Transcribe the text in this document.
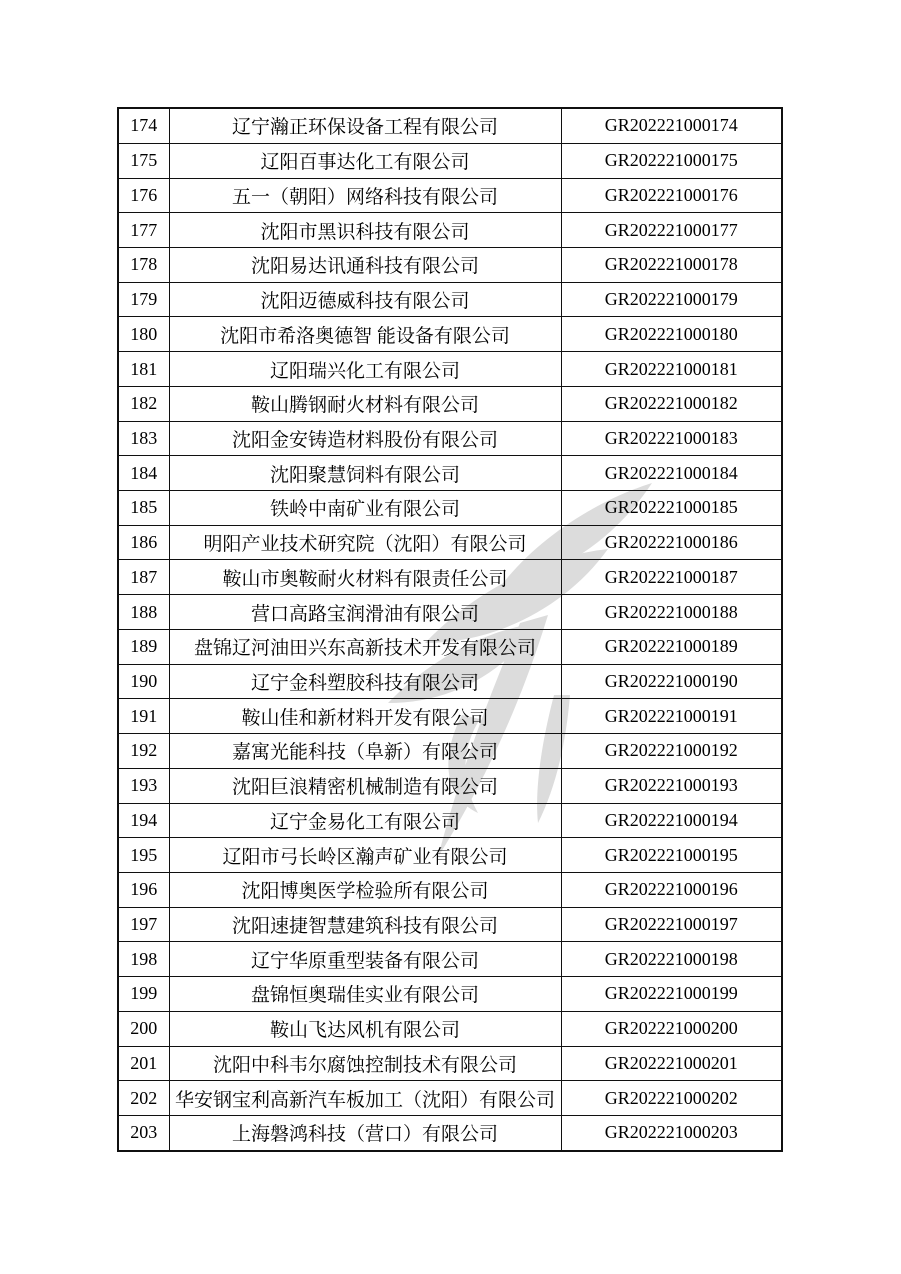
174	辽宁瀚正环保设备工程有限公司	GR202221000174
175	辽阳百事达化工有限公司	GR202221000175
176	五一（朝阳）网络科技有限公司	GR202221000176
177	沈阳市黑识科技有限公司	GR202221000177
178	沈阳易达讯通科技有限公司	GR202221000178
179	沈阳迈德威科技有限公司	GR202221000179
180	沈阳市希洛奥德智 能设备有限公司	GR202221000180
181	辽阳瑞兴化工有限公司	GR202221000181
182	鞍山腾钢耐火材料有限公司	GR202221000182
183	沈阳金安铸造材料股份有限公司	GR202221000183
184	沈阳聚慧饲料有限公司	GR202221000184
185	铁岭中南矿业有限公司	GR202221000185
186	明阳产业技术研究院（沈阳）有限公司	GR202221000186
187	鞍山市奥鞍耐火材料有限责任公司	GR202221000187
188	营口高路宝润滑油有限公司	GR202221000188
189	盘锦辽河油田兴东高新技术开发有限公司	GR202221000189
190	辽宁金科塑胶科技有限公司	GR202221000190
191	鞍山佳和新材料开发有限公司	GR202221000191
192	嘉寓光能科技（阜新）有限公司	GR202221000192
193	沈阳巨浪精密机械制造有限公司	GR202221000193
194	辽宁金易化工有限公司	GR202221000194
195	辽阳市弓长岭区瀚声矿业有限公司	GR202221000195
196	沈阳博奥医学检验所有限公司	GR202221000196
197	沈阳速捷智慧建筑科技有限公司	GR202221000197
198	辽宁华原重型装备有限公司	GR202221000198
199	盘锦恒奥瑞佳实业有限公司	GR202221000199
200	鞍山飞达风机有限公司	GR202221000200
201	沈阳中科韦尔腐蚀控制技术有限公司	GR202221000201
202	华安钢宝利高新汽车板加工（沈阳）有限公司	GR202221000202
203	上海磐鸿科技（营口）有限公司	GR202221000203
